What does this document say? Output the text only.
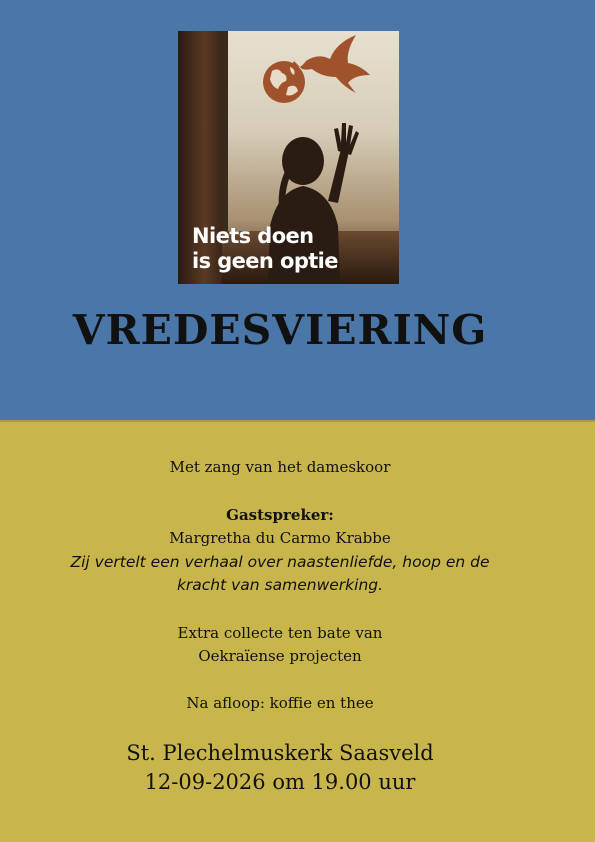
Niets doen
is geen optie
VREDESVIERING
Met zang van het dameskoor
Gastspreker:
Margretha du Carmo Krabbe
Zij vertelt een verhaal over naastenliefde, hoop en de
kracht van samenwerking.
Extra collecte ten bate van
Oekraïense projecten
Na afloop: koffie en thee
St. Plechelmuskerk Saasveld
12-09-2026 om 19.00 uur
